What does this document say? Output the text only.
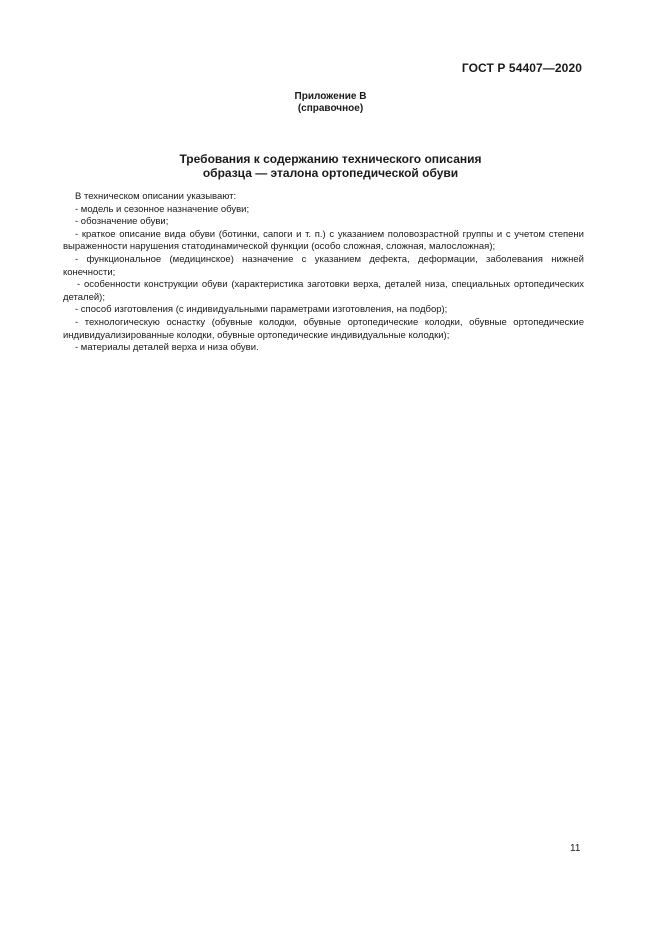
ГОСТ Р 54407—2020
Приложение В
(справочное)
Требования к содержанию технического описания
образца — эталона ортопедической обуви

В техническом описании указывают:

- модель и сезонное назначение обуви;

- обозначение обуви;

- краткое описание вида обуви (ботинки, сапоги и т. п.) с указанием половозрастной группы и с учетом степени выраженности нарушения статодинамической функции (особо сложная, сложная, малосложная);

- функциональное (медицинское) назначение с указанием дефекта, деформации, заболевания нижней конечности;

- особенности конструкции обуви (характеристика заготовки верха, деталей низа, специальных ортопедических деталей);

- способ изготовления (с индивидуальными параметрами изготовления, на подбор);

- технологическую оснастку (обувные колодки, обувные ортопедические колодки, обувные ортопедические индивидуализированные колодки, обувные ортопедические индивидуальные колодки);

- материалы деталей верха и низа обуви.

11
